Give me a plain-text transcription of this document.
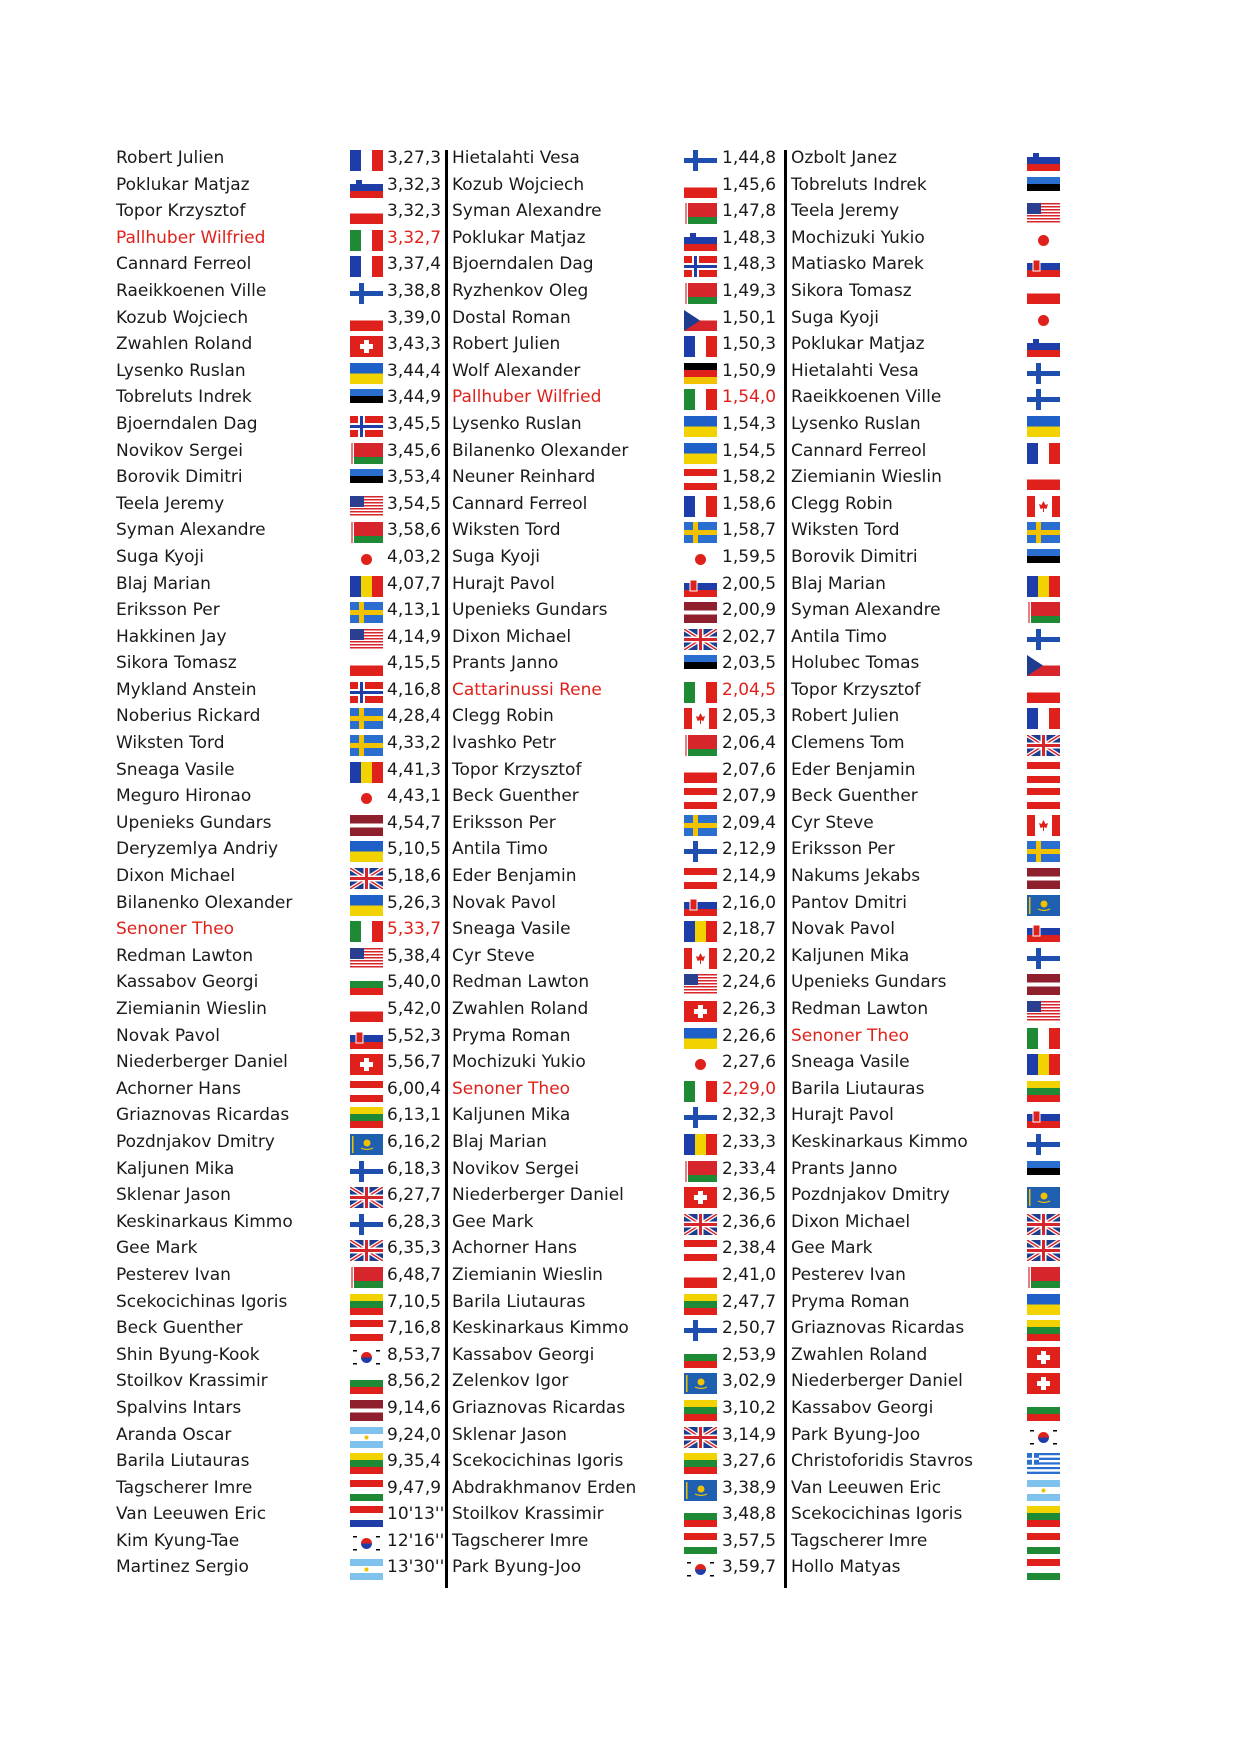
Robert Julien	3,27,3
Poklukar Matjaz	3,32,3
Topor Krzysztof	3,32,3
Pallhuber Wilfried	3,32,7
Cannard Ferreol	3,37,4
Raeikkoenen Ville	3,38,8
Kozub Wojciech	3,39,0
Zwahlen Roland	3,43,3
Lysenko Ruslan	3,44,4
Tobreluts Indrek	3,44,9
Bjoerndalen Dag	3,45,5
Novikov Sergei	3,45,6
Borovik Dimitri	3,53,4
Teela Jeremy	3,54,5
Syman Alexandre	3,58,6
Suga Kyoji	4,03,2
Blaj Marian	4,07,7
Eriksson Per	4,13,1
Hakkinen Jay	4,14,9
Sikora Tomasz	4,15,5
Mykland Anstein	4,16,8
Noberius Rickard	4,28,4
Wiksten Tord	4,33,2
Sneaga Vasile	4,41,3
Meguro Hironao	4,43,1
Upenieks Gundars	4,54,7
Deryzemlya Andriy	5,10,5
Dixon Michael	5,18,6
Bilanenko Olexander	5,26,3
Senoner Theo	5,33,7
Redman Lawton	5,38,4
Kassabov Georgi	5,40,0
Ziemianin Wieslin	5,42,0
Novak Pavol	5,52,3
Niederberger Daniel	5,56,7
Achorner Hans	6,00,4
Griaznovas Ricardas	6,13,1
Pozdnjakov Dmitry	6,16,2
Kaljunen Mika	6,18,3
Sklenar Jason	6,27,7
Keskinarkaus Kimmo	6,28,3
Gee Mark	6,35,3
Pesterev Ivan	6,48,7
Scekocichinas Igoris	7,10,5
Beck Guenther	7,16,8
Shin Byung-Kook	8,53,7
Stoilkov Krassimir	8,56,2
Spalvins Intars	9,14,6
Aranda Oscar	9,24,0
Barila Liutauras	9,35,4
Tagscherer Imre	9,47,9
Van Leeuwen Eric	10'13''
Kim Kyung-Tae	12'16''
Martinez Sergio	13'30''
Hietalahti Vesa	1,44,8
Kozub Wojciech	1,45,6
Syman Alexandre	1,47,8
Poklukar Matjaz	1,48,3
Bjoerndalen Dag	1,48,3
Ryzhenkov Oleg	1,49,3
Dostal Roman	1,50,1
Robert Julien	1,50,3
Wolf Alexander	1,50,9
Pallhuber Wilfried	1,54,0
Lysenko Ruslan	1,54,3
Bilanenko Olexander	1,54,5
Neuner Reinhard	1,58,2
Cannard Ferreol	1,58,6
Wiksten Tord	1,58,7
Suga Kyoji	1,59,5
Hurajt Pavol	2,00,5
Upenieks Gundars	2,00,9
Dixon Michael	2,02,7
Prants Janno	2,03,5
Cattarinussi Rene	2,04,5
Clegg Robin	2,05,3
Ivashko Petr	2,06,4
Topor Krzysztof	2,07,6
Beck Guenther	2,07,9
Eriksson Per	2,09,4
Antila Timo	2,12,9
Eder Benjamin	2,14,9
Novak Pavol	2,16,0
Sneaga Vasile	2,18,7
Cyr Steve	2,20,2
Redman Lawton	2,24,6
Zwahlen Roland	2,26,3
Pryma Roman	2,26,6
Mochizuki Yukio	2,27,6
Senoner Theo	2,29,0
Kaljunen Mika	2,32,3
Blaj Marian	2,33,3
Novikov Sergei	2,33,4
Niederberger Daniel	2,36,5
Gee Mark	2,36,6
Achorner Hans	2,38,4
Ziemianin Wieslin	2,41,0
Barila Liutauras	2,47,7
Keskinarkaus Kimmo	2,50,7
Kassabov Georgi	2,53,9
Zelenkov Igor	3,02,9
Griaznovas Ricardas	3,10,2
Sklenar Jason	3,14,9
Scekocichinas Igoris	3,27,6
Abdrakhmanov Erden	3,38,9
Stoilkov Krassimir	3,48,8
Tagscherer Imre	3,57,5
Park Byung-Joo	3,59,7
Ozbolt Janez
Tobreluts Indrek
Teela Jeremy
Mochizuki Yukio
Matiasko Marek
Sikora Tomasz
Suga Kyoji
Poklukar Matjaz
Hietalahti Vesa
Raeikkoenen Ville
Lysenko Ruslan
Cannard Ferreol
Ziemianin Wieslin
Clegg Robin
Wiksten Tord
Borovik Dimitri
Blaj Marian
Syman Alexandre
Antila Timo
Holubec Tomas
Topor Krzysztof
Robert Julien
Clemens Tom
Eder Benjamin
Beck Guenther
Cyr Steve
Eriksson Per
Nakums Jekabs
Pantov Dmitri
Novak Pavol
Kaljunen Mika
Upenieks Gundars
Redman Lawton
Senoner Theo
Sneaga Vasile
Barila Liutauras
Hurajt Pavol
Keskinarkaus Kimmo
Prants Janno
Pozdnjakov Dmitry
Dixon Michael
Gee Mark
Pesterev Ivan
Pryma Roman
Griaznovas Ricardas
Zwahlen Roland
Niederberger Daniel
Kassabov Georgi
Park Byung-Joo
Christoforidis Stavros
Van Leeuwen Eric
Scekocichinas Igoris
Tagscherer Imre
Hollo Matyas
